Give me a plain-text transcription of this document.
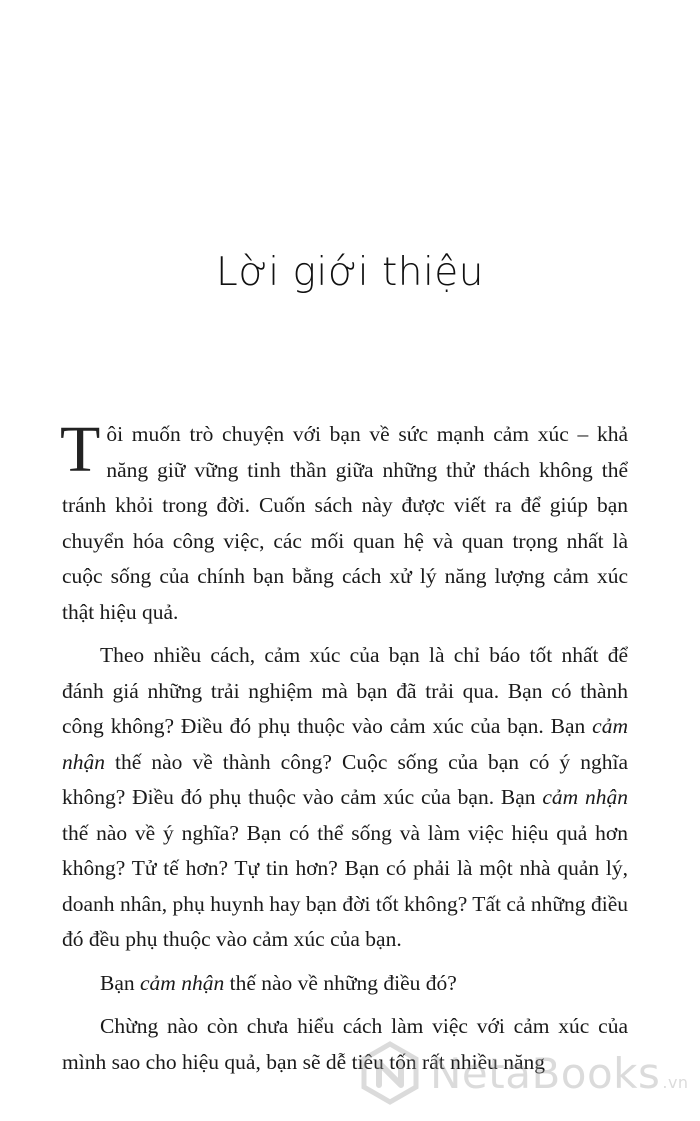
Lời giới thiệu

Tôi muốn trò chuyện với bạn về sức mạnh cảm xúc – khả năng giữ vững tinh thần giữa những thử thách không thể tránh khỏi trong đời. Cuốn sách này được viết ra để giúp bạn chuyển hóa công việc, các mối quan hệ và quan trọng nhất là cuộc sống của chính bạn bằng cách xử lý năng lượng cảm xúc thật hiệu quả.

Theo nhiều cách, cảm xúc của bạn là chỉ báo tốt nhất để đánh giá những trải nghiệm mà bạn đã trải qua. Bạn có thành công không? Điều đó phụ thuộc vào cảm xúc của bạn. Bạn cảm nhận thế nào về thành công? Cuộc sống của bạn có ý nghĩa không? Điều đó phụ thuộc vào cảm xúc của bạn. Bạn cảm nhận thế nào về ý nghĩa? Bạn có thể sống và làm việc hiệu quả hơn không? Tử tế hơn? Tự tin hơn? Bạn có phải là một nhà quản lý, doanh nhân, phụ huynh hay bạn đời tốt không? Tất cả những điều đó đều phụ thuộc vào cảm xúc của bạn.

Bạn cảm nhận thế nào về những điều đó?

Chừng nào còn chưa hiểu cách làm việc với cảm xúc của mình sao cho hiệu quả, bạn sẽ dễ tiêu tốn rất nhiều năng

NetaBooks .vn
